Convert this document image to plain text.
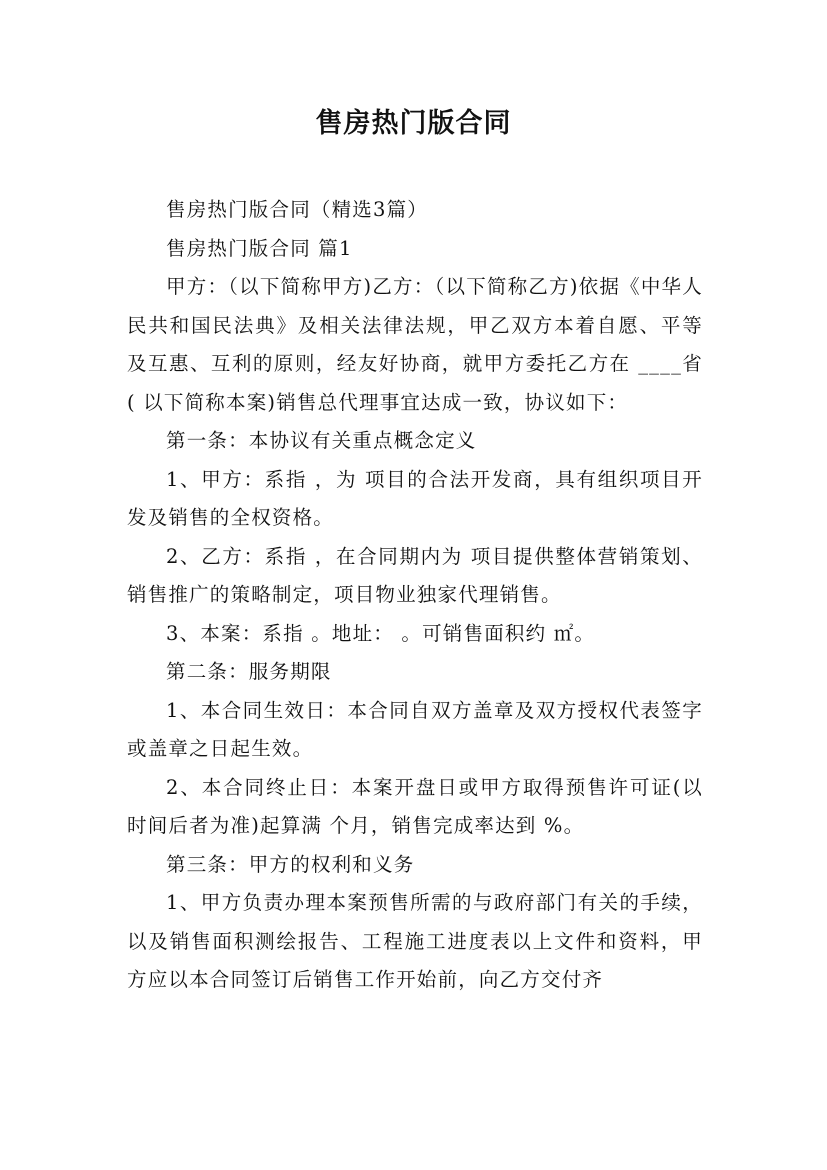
售房热门版合同

售房热门版合同（精选3篇）

售房热门版合同 篇1

甲方：（以下简称甲方)乙方：（以下简称乙方)依据《中华人民共和国民法典》及相关法律法规，甲乙双方本着自愿、平等及互惠、互利的原则，经友好协商，就甲方委托乙方在 ____省 ( 以下简称本案)销售总代理事宜达成一致，协议如下：

第一条：本协议有关重点概念定义

1、甲方：系指 ，为 项目的合法开发商，具有组织项目开发及销售的全权资格。

2、乙方：系指 ，在合同期内为 项目提供整体营销策划、销售推广的策略制定，项目物业独家代理销售。

3、本案：系指 。地址： 。可销售面积约 ㎡。

第二条：服务期限

1、本合同生效日：本合同自双方盖章及双方授权代表签字或盖章之日起生效。

2、本合同终止日：本案开盘日或甲方取得预售许可证(以时间后者为准)起算满 个月，销售完成率达到 %。

第三条：甲方的权利和义务

1、甲方负责办理本案预售所需的与政府部门有关的手续，以及销售面积测绘报告、工程施工进度表以上文件和资料，甲方应以本合同签订后销售工作开始前，向乙方交付齐
